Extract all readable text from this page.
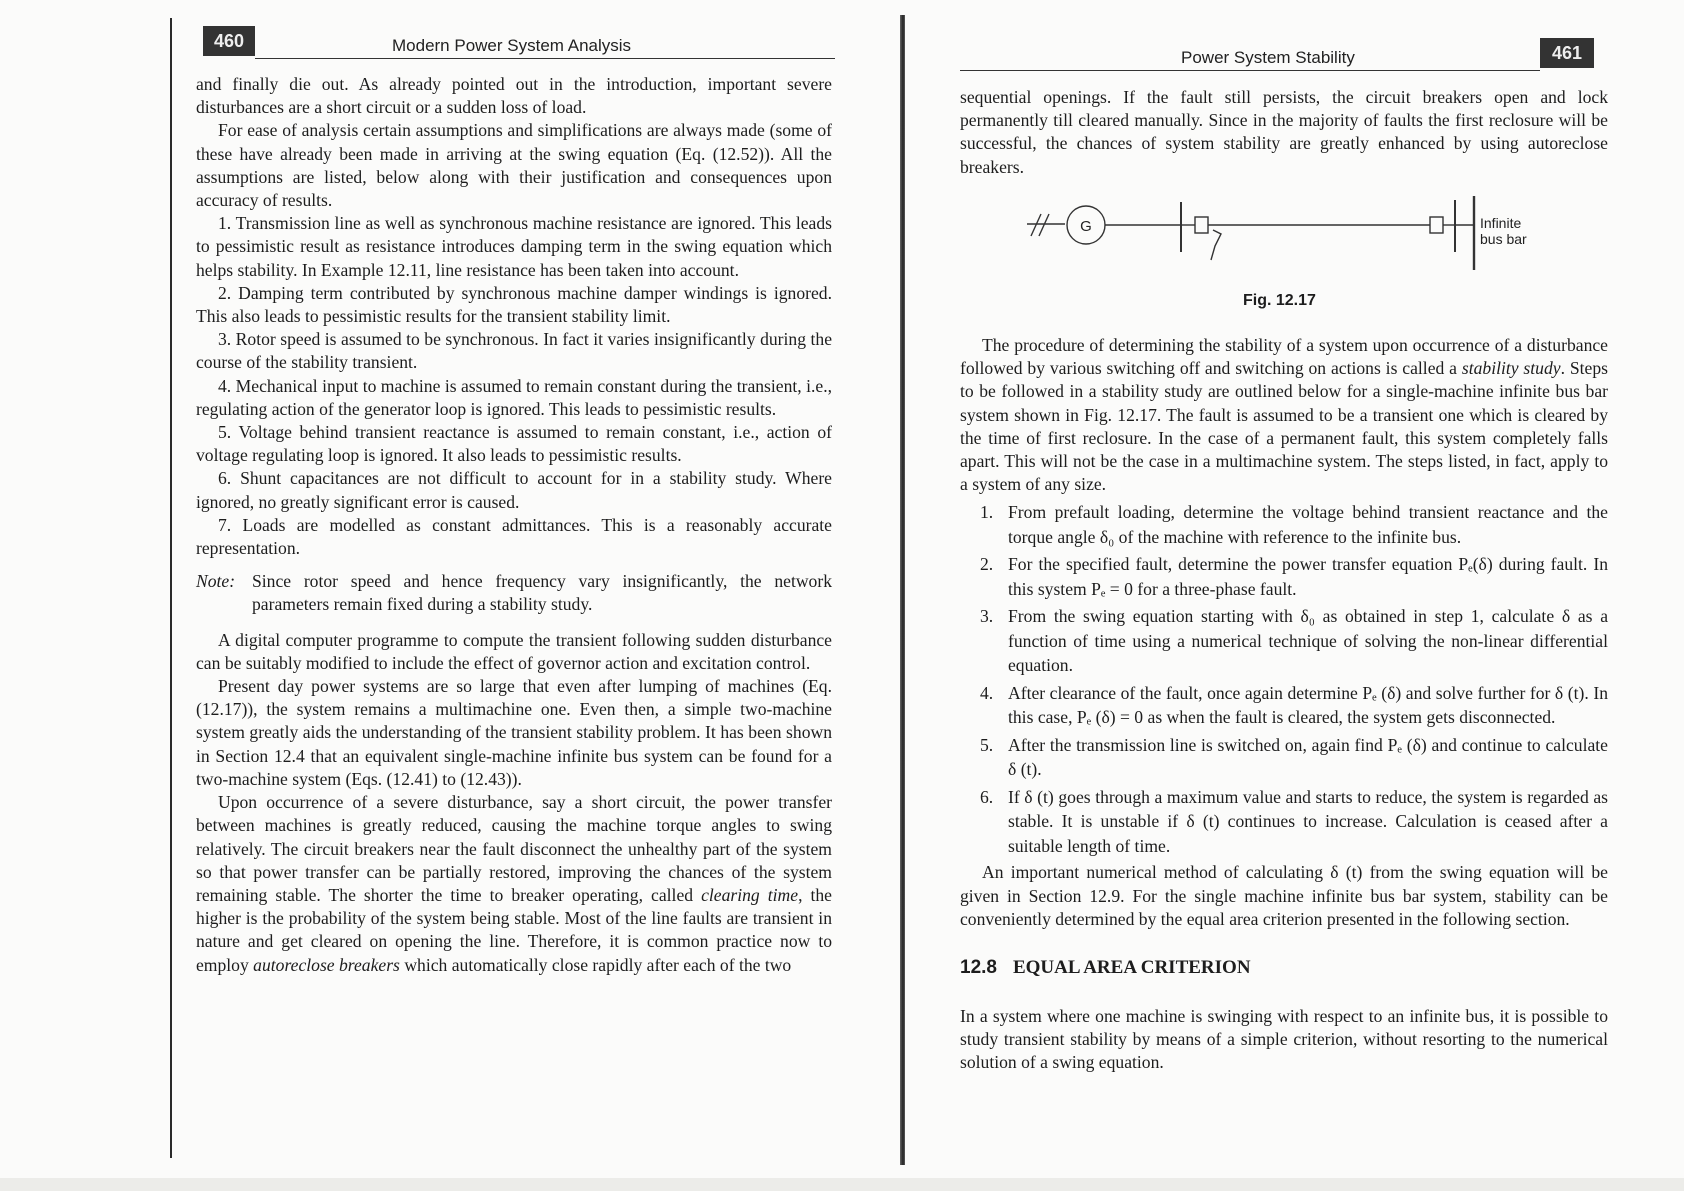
460	Modern Power System Analysis

and finally die out. As already pointed out in the introduction, important severe disturbances are a short circuit or a sudden loss of load.

For ease of analysis certain assumptions and simplifications are always made (some of these have already been made in arriving at the swing equation (Eq. (12.52)). All the assumptions are listed, below along with their justification and consequences upon accuracy of results.

1. Transmission line as well as synchronous machine resistance are ignored. This leads to pessimistic result as resistance introduces damping term in the swing equation which helps stability. In Example 12.11, line resistance has been taken into account.
2. Damping term contributed by synchronous machine damper windings is ignored. This also leads to pessimistic results for the transient stability limit.
3. Rotor speed is assumed to be synchronous. In fact it varies insignificantly during the course of the stability transient.
4. Mechanical input to machine is assumed to remain constant during the transient, i.e., regulating action of the generator loop is ignored. This leads to pessimistic results.
5. Voltage behind transient reactance is assumed to remain constant, i.e., action of voltage regulating loop is ignored. It also leads to pessimistic results.
6. Shunt capacitances are not difficult to account for in a stability study. Where ignored, no greatly significant error is caused.
7. Loads are modelled as constant admittances. This is a reasonably accurate representation.
Note: Since rotor speed and hence frequency vary insignificantly, the network parameters remain fixed during a stability study.

A digital computer programme to compute the transient following sudden disturbance can be suitably modified to include the effect of governor action and excitation control.

Present day power systems are so large that even after lumping of machines (Eq. (12.17)), the system remains a multimachine one. Even then, a simple two-machine system greatly aids the understanding of the transient stability problem. It has been shown in Section 12.4 that an equivalent single-machine infinite bus system can be found for a two-machine system (Eqs. (12.41) to (12.43)).

Upon occurrence of a severe disturbance, say a short circuit, the power transfer between machines is greatly reduced, causing the machine torque angles to swing relatively. The circuit breakers near the fault disconnect the unhealthy part of the system so that power transfer can be partially restored, improving the chances of the system remaining stable. The shorter the time to breaker operating, called clearing time, the higher is the probability of the system being stable. Most of the line faults are transient in nature and get cleared on opening the line. Therefore, it is common practice now to employ autoreclose breakers which automatically close rapidly after each of the two

Power System Stability	461

sequential openings. If the fault still persists, the circuit breakers open and lock permanently till cleared manually. Since in the majority of faults the first reclosure will be successful, the chances of system stability are greatly enhanced by using autoreclose breakers.

G	Infinite
bus bar
Fig. 12.17

The procedure of determining the stability of a system upon occurrence of a disturbance followed by various switching off and switching on actions is called a stability study. Steps to be followed in a stability study are outlined below for a single-machine infinite bus bar system shown in Fig. 12.17. The fault is assumed to be a transient one which is cleared by the time of first reclosure. In the case of a permanent fault, this system completely falls apart. This will not be the case in a multimachine system. The steps listed, in fact, apply to a system of any size.

1. From prefault loading, determine the voltage behind transient reactance and the torque angle δ₀ of the machine with reference to the infinite bus.
2. For the specified fault, determine the power transfer equation Pₑ(δ) during fault. In this system Pₑ = 0 for a three-phase fault.
3. From the swing equation starting with δ₀ as obtained in step 1, calculate δ as a function of time using a numerical technique of solving the non-linear differential equation.
4. After clearance of the fault, once again determine Pₑ (δ) and solve further for δ (t). In this case, Pₑ (δ) = 0 as when the fault is cleared, the system gets disconnected.
5. After the transmission line is switched on, again find Pₑ (δ) and continue to calculate δ (t).
6. If δ (t) goes through a maximum value and starts to reduce, the system is regarded as stable. It is unstable if δ (t) continues to increase. Calculation is ceased after a suitable length of time.

An important numerical method of calculating δ (t) from the swing equation will be given in Section 12.9. For the single machine infinite bus bar system, stability can be conveniently determined by the equal area criterion presented in the following section.

12.8 EQUAL AREA CRITERION

In a system where one machine is swinging with respect to an infinite bus, it is possible to study transient stability by means of a simple criterion, without resorting to the numerical solution of a swing equation.
